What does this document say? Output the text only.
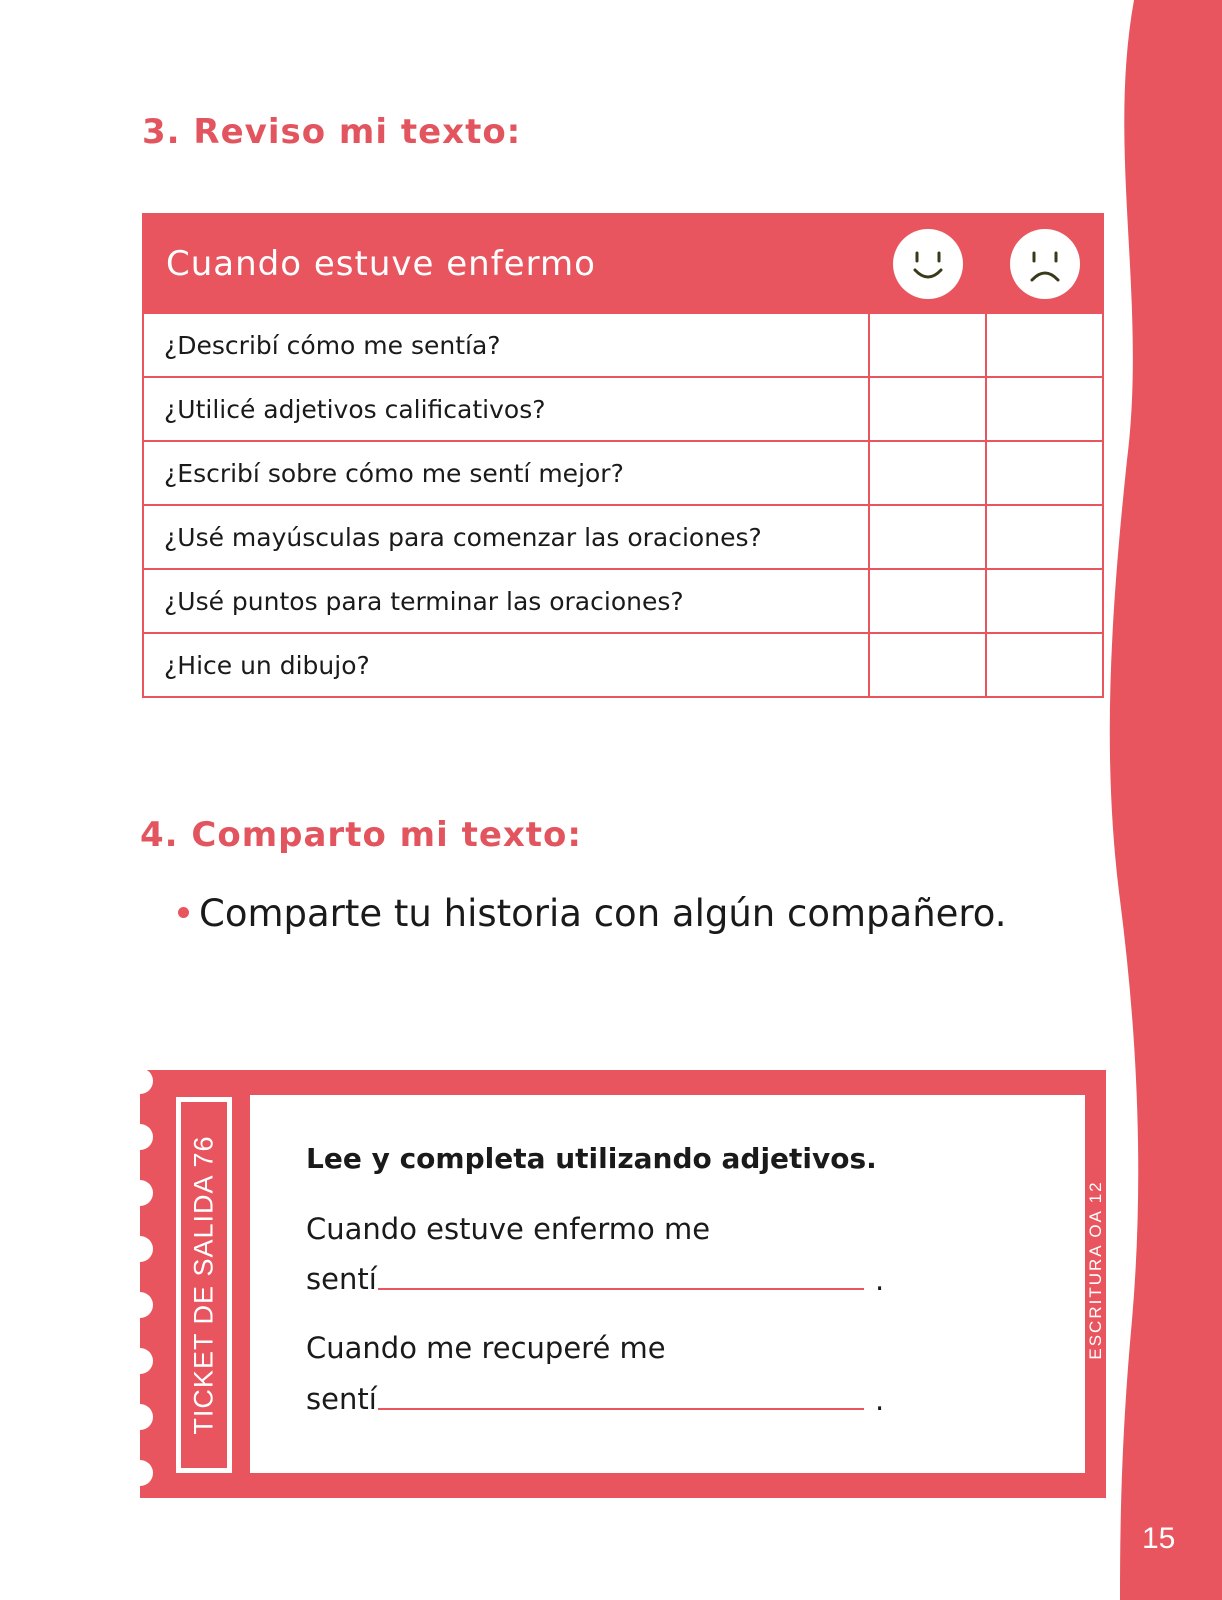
15
3. Reviso mi texto:
Cuando estuve enfermo	

¿Describí cómo me sentía?		
¿Utilicé adjetivos calificativos?		
¿Escribí sobre cómo me sentí mejor?		
¿Usé mayúsculas para comenzar las oraciones?		
¿Usé puntos para terminar las oraciones?		
¿Hice un dibujo?		
4. Comparto mi texto:
Comparte tu historia con algún compañero.
TICKET DE SALIDA 76	Lee y completa utilizando adjetivos.
Cuando estuve enfermo me
sentí	.
Cuando me recuperé me
sentí	.
ESCRITURA OA 12
